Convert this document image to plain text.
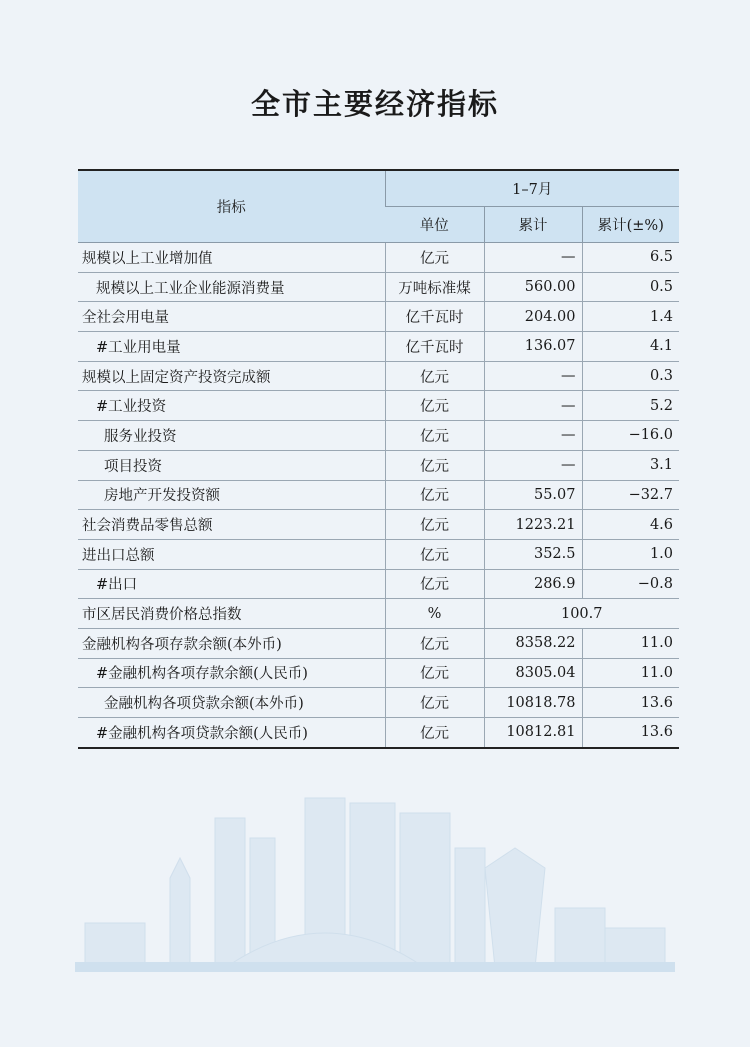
全市主要经济指标
指标	1–7月		
	单位	累计	累计(±%)
规模以上工业增加值	亿元	—	6.5
规模以上工业企业能源消费量	万吨标准煤	560.00	0.5
全社会用电量	亿千瓦时	204.00	1.4
#工业用电量	亿千瓦时	136.07	4.1
规模以上固定资产投资完成额	亿元	—	0.3
#工业投资	亿元	—	5.2
服务业投资	亿元	—	−16.0
项目投资	亿元	—	3.1
房地产开发投资额	亿元	55.07	−32.7
社会消费品零售总额	亿元	1223.21	4.6
进出口总额	亿元	352.5	1.0
#出口	亿元	286.9	−0.8
市区居民消费价格总指数	%	100.7	
金融机构各项存款余额(本外币)	亿元	8358.22	11.0
#金融机构各项存款余额(人民币)	亿元	8305.04	11.0
金融机构各项贷款余额(本外币)	亿元	10818.78	13.6
#金融机构各项贷款余额(人民币)	亿元	10812.81	13.6
